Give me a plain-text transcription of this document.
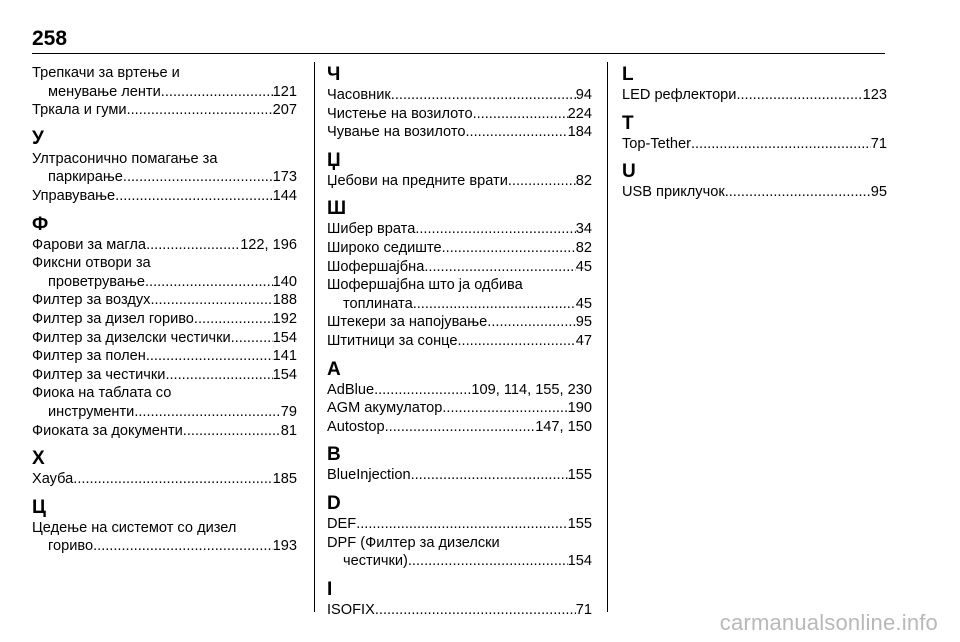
258
Трепкачи за вртење и
менување ленти .....	121
Тркала и гуми .....	207
У
Ултрасонично помагање за
паркирање .....	173
Управување .....	144
Ф
Фарови за магла .....	122, 196
Фиксни отвори за
проветрување .....	140
Филтер за воздух .....	188
Филтер за дизел гориво .....	192
Филтер за дизелски честички .....	154
Филтер за полен .....	141
Филтер за честички .....	154
Фиока на таблата со
инструменти .....	79
Фиоката за документи .....	81
Х
Хауба .....	185
Ц
Цедење на системот со дизел
гориво .....	193
Ч
Часовник .....	94
Чистење на возилото .....	224
Чување на возилото .....	184
Џ
Џебови на предните врати .....	82
Ш
Шибер врата .....	34
Широко седиште .....	82
Шофершајбна .....	45
Шофершајбна што ја одбива
топлината .....	45
Штекери за напојување .....	95
Штитници за сонце .....	47
A
AdBlue .....	109, 114, 155, 230
AGM акумулатор .....	190
Autostop .....	147, 150
B
BlueInjection .....	155
D
DEF .....	155
DPF (Филтер за дизелски
честички) .....	154
I
ISOFIX .....	71
L
LED рефлектори .....	123
T
Top-Tether .....	71
U
USB приклучок .....	95
carmanualsonline.info
